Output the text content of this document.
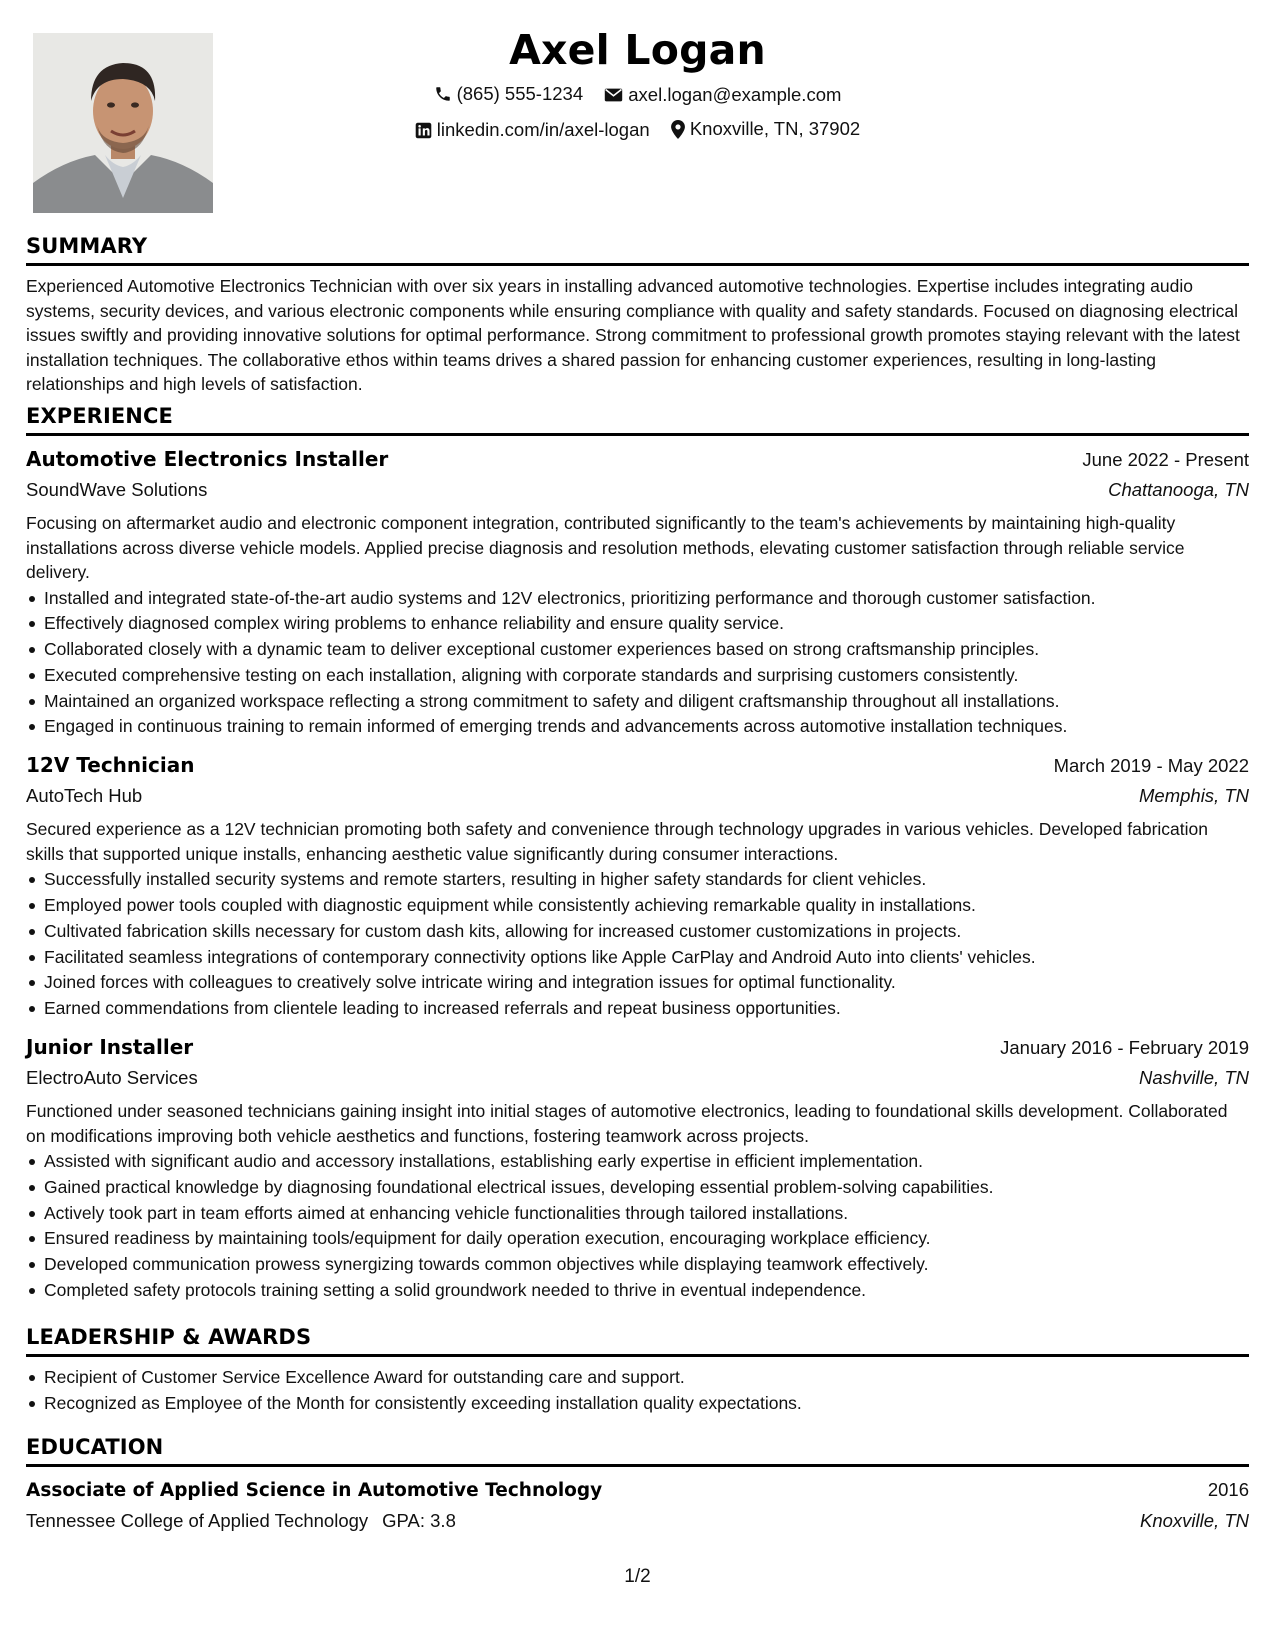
Axel Logan
(865) 555-1234
axel.logan@example.com
linkedin.com/in/axel-logan
Knoxville, TN, 37902
SUMMARY
Experienced Automotive Electronics Technician with over six years in installing advanced automotive technologies. Expertise includes integrating audio systems, security devices, and various electronic components while ensuring compliance with quality and safety standards. Focused on diagnosing electrical issues swiftly and providing innovative solutions for optimal performance. Strong commitment to professional growth promotes staying relevant with the latest installation techniques. The collaborative ethos within teams drives a shared passion for enhancing customer experiences, resulting in long-lasting relationships and high levels of satisfaction.
EXPERIENCE
Automotive Electronics Installer	June 2022 - Present
SoundWave Solutions	Chattanooga, TN
Focusing on aftermarket audio and electronic component integration, contributed significantly to the team's achievements by maintaining high-quality installations across diverse vehicle models. Applied precise diagnosis and resolution methods, elevating customer satisfaction through reliable service delivery.
Installed and integrated state-of-the-art audio systems and 12V electronics, prioritizing performance and thorough customer satisfaction.
Effectively diagnosed complex wiring problems to enhance reliability and ensure quality service.
Collaborated closely with a dynamic team to deliver exceptional customer experiences based on strong craftsmanship principles.
Executed comprehensive testing on each installation, aligning with corporate standards and surprising customers consistently.
Maintained an organized workspace reflecting a strong commitment to safety and diligent craftsmanship throughout all installations.
Engaged in continuous training to remain informed of emerging trends and advancements across automotive installation techniques.
12V Technician	March 2019 - May 2022
AutoTech Hub	Memphis, TN
Secured experience as a 12V technician promoting both safety and convenience through technology upgrades in various vehicles. Developed fabrication skills that supported unique installs, enhancing aesthetic value significantly during consumer interactions.
Successfully installed security systems and remote starters, resulting in higher safety standards for client vehicles.
Employed power tools coupled with diagnostic equipment while consistently achieving remarkable quality in installations.
Cultivated fabrication skills necessary for custom dash kits, allowing for increased customer customizations in projects.
Facilitated seamless integrations of contemporary connectivity options like Apple CarPlay and Android Auto into clients' vehicles.
Joined forces with colleagues to creatively solve intricate wiring and integration issues for optimal functionality.
Earned commendations from clientele leading to increased referrals and repeat business opportunities.
Junior Installer	January 2016 - February 2019
ElectroAuto Services	Nashville, TN
Functioned under seasoned technicians gaining insight into initial stages of automotive electronics, leading to foundational skills development. Collaborated on modifications improving both vehicle aesthetics and functions, fostering teamwork across projects.
Assisted with significant audio and accessory installations, establishing early expertise in efficient implementation.
Gained practical knowledge by diagnosing foundational electrical issues, developing essential problem-solving capabilities.
Actively took part in team efforts aimed at enhancing vehicle functionalities through tailored installations.
Ensured readiness by maintaining tools/equipment for daily operation execution, encouraging workplace efficiency.
Developed communication prowess synergizing towards common objectives while displaying teamwork effectively.
Completed safety protocols training setting a solid groundwork needed to thrive in eventual independence.
LEADERSHIP & AWARDS
Recipient of Customer Service Excellence Award for outstanding care and support.
Recognized as Employee of the Month for consistently exceeding installation quality expectations.
EDUCATION
Associate of Applied Science in Automotive Technology	2016
Tennessee College of Applied Technology GPA: 3.8	Knoxville, TN
1/2
